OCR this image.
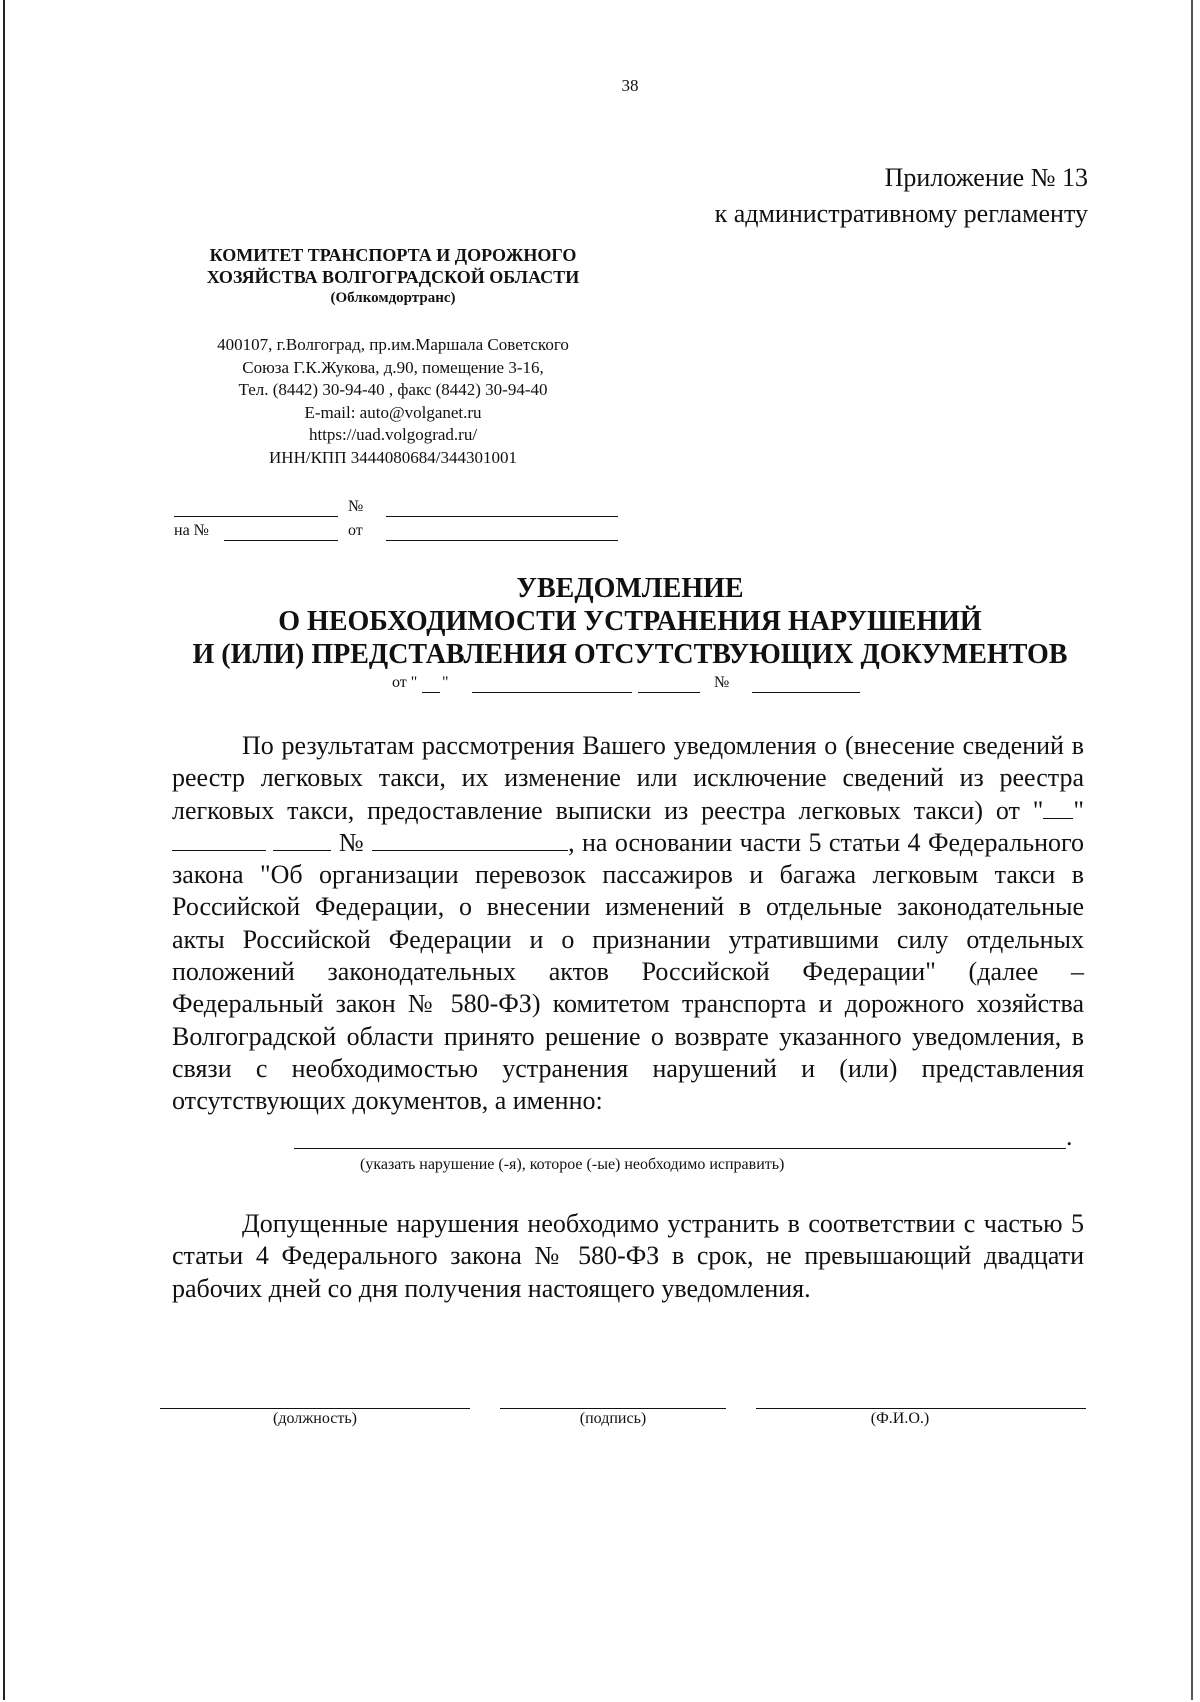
38
Приложение № 13
к административному регламенту
КОМИТЕТ ТРАНСПОРТА И ДОРОЖНОГО
ХОЗЯЙСТВА ВОЛГОГРАДСКОЙ ОБЛАСТИ
(Облкомдортранс)
400107, г.Волгоград, пр.им.Маршала Советского
Союза Г.К.Жукова, д.90, помещение 3-16,
Тел. (8442) 30-94-40 , факс (8442) 30-94-40
E-mail: auto@volganet.ru
https://uad.volgograd.ru/
ИНН/КПП 3444080684/344301001
№
на №	от
УВЕДОМЛЕНИЕ
О НЕОБХОДИМОСТИ УСТРАНЕНИЯ НАРУШЕНИЙ
И (ИЛИ) ПРЕДСТАВЛЕНИЯ ОТСУТСТВУЮЩИХ ДОКУМЕНТОВ
от " "	№
По результатам рассмотрения Вашего уведомления о (внесение сведений в реестр легковых такси, их изменение или исключение сведений из реестра легковых такси, предоставление выписки из реестра легковых такси) от " "   №	, на основании части 5 статьи 4 Федерального закона "Об организации перевозок пассажиров и багажа легковым такси в Российской Федерации, о внесении изменений в отдельные законодательные акты Российской Федерации и о признании утратившими силу отдельных положений законодательных актов Российской Федерации" (далее – Федеральный закон № 580-ФЗ) комитетом транспорта и дорожного хозяйства Волгоградской области принято решение о возврате указанного уведомления, в связи с необходимостью устранения нарушений и (или) представления отсутствующих документов, а именно:
.
(указать нарушение (-я), которое (-ые) необходимо исправить)
Допущенные нарушения необходимо устранить в соответствии с частью 5 статьи 4 Федерального закона № 580-ФЗ в срок, не превышающий двадцати рабочих дней со дня получения настоящего уведомления.
(должность)	(подпись)	(Ф.И.О.)
